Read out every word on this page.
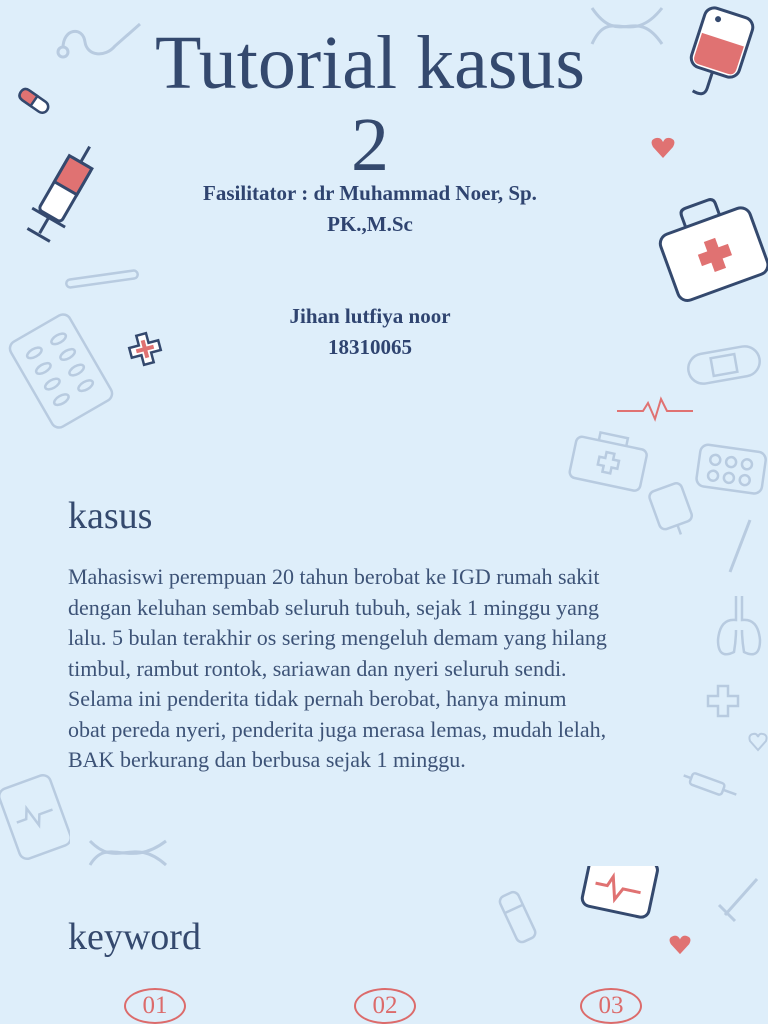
Tutorial kasus
2
Fasilitator : dr Muhammad Noer, Sp.
PK.,M.Sc
Jihan lutfiya noor
18310065
kasus
Mahasiswi perempuan 20 tahun berobat ke IGD rumah sakit
dengan keluhan sembab seluruh tubuh, sejak 1 minggu yang
lalu. 5 bulan terakhir os sering mengeluh demam yang hilang
timbul, rambut rontok, sariawan dan nyeri seluruh sendi.
Selama ini penderita tidak pernah berobat, hanya minum
obat pereda nyeri, penderita juga merasa lemas, mudah lelah,
BAK berkurang dan berbusa sejak 1 minggu.
keyword
01	02	03
